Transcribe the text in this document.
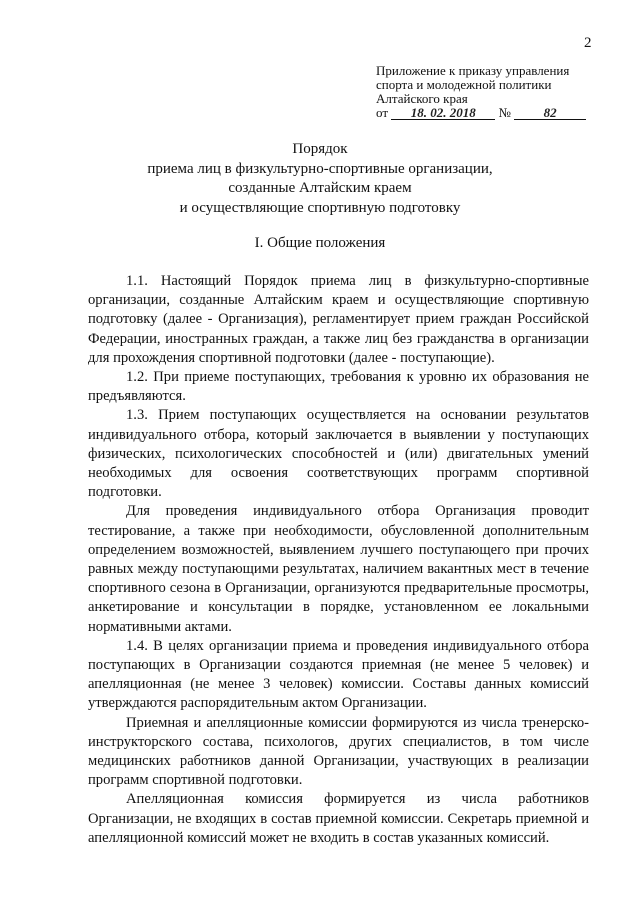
2
Приложение к приказу управления
спорта и молодежной политики
Алтайского края
от 18. 02. 2018 №	82
Порядок
приема лиц в физкультурно-спортивные организации,
созданные Алтайским краем
и осуществляющие спортивную подготовку
I. Общие положения

1.1. Настоящий Порядок приема лиц в физкультурно-спортивные организации, созданные Алтайским краем и осуществляющие спортивную подготовку (далее - Организация), регламентирует прием граждан Российской Федерации, иностранных граждан, а также лиц без гражданства в организации для прохождения спортивной подготовки (далее - поступающие).

1.2. При приеме поступающих, требования к уровню их образования не предъявляются.

1.3. Прием поступающих осуществляется на основании результатов индивидуального отбора, который заключается в выявлении у поступающих физических, психологических способностей и (или) двигательных умений необходимых для освоения соответствующих программ спортивной подготовки.

Для проведения индивидуального отбора Организация проводит тестирование, а также при необходимости, обусловленной дополнительным определением возможностей, выявлением лучшего поступающего при прочих равных между поступающими результатах, наличием вакантных мест в течение спортивного сезона в Организации, организуются предварительные просмотры, анкетирование и консультации в порядке, установленном ее локальными нормативными актами.

1.4. В целях организации приема и проведения индивидуального отбора поступающих в Организации создаются приемная (не менее 5 человек) и апелляционная (не менее 3 человек) комиссии. Составы данных комиссий утверждаются распорядительным актом Организации.

Приемная и апелляционные комиссии формируются из числа тренерско-инструкторского состава, психологов, других специалистов, в том числе медицинских работников данной Организации, участвующих в реализации программ спортивной подготовки.

Апелляционная комиссия формируется из числа работников Организации, не входящих в состав приемной комиссии. Секретарь приемной и апелляционной комиссий может не входить в состав указанных комиссий.
